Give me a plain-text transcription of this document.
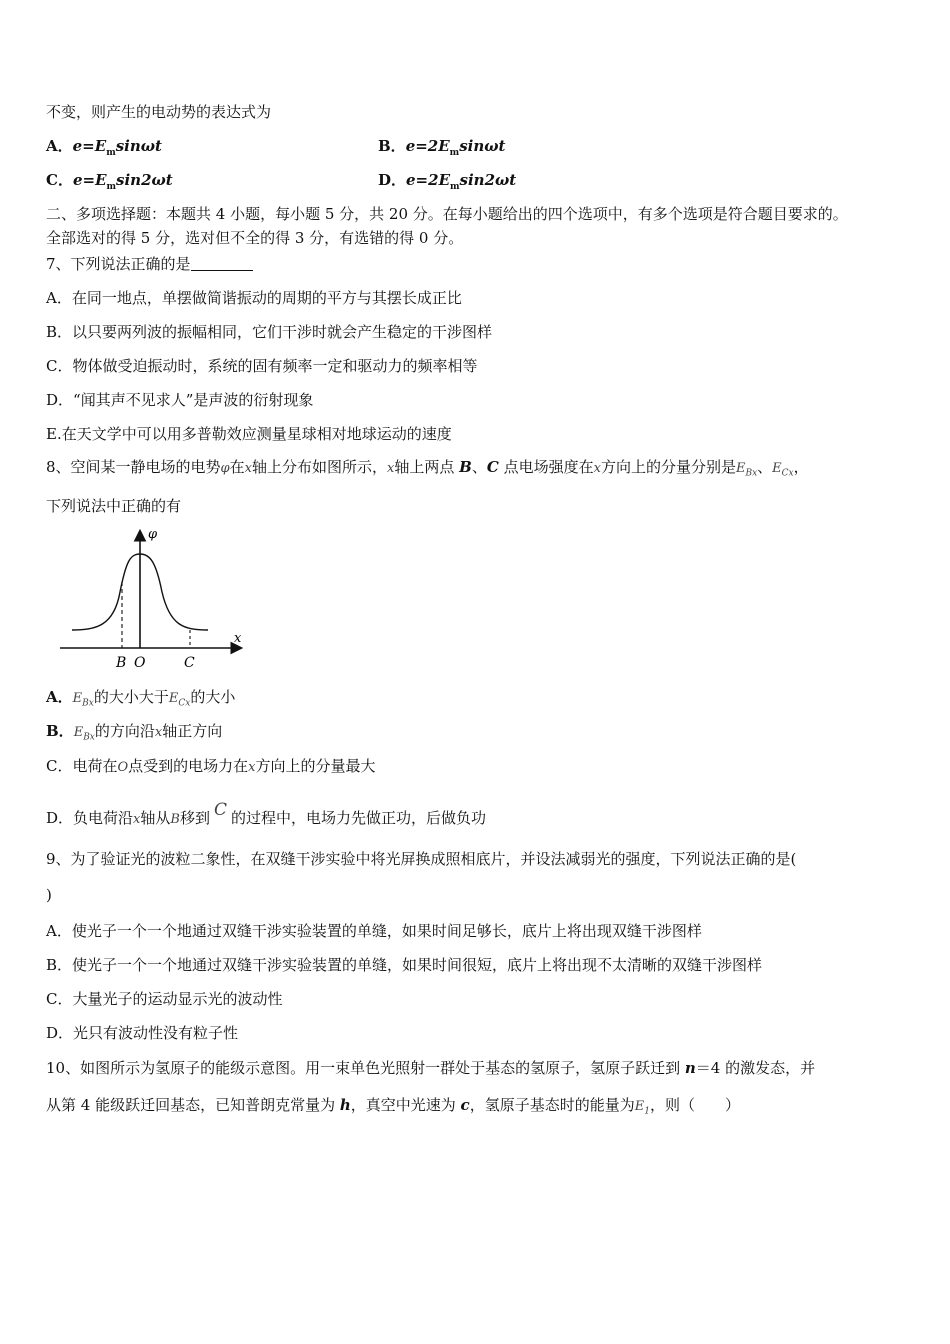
不变，则产生的电动势的表达式为
A．$e=E_m\sin\omega t$	B．$e=2E_m\sin\omega t$
C．$e=E_m\sin 2\omega t$	D．$e=2E_m\sin 2\omega t$
二、多项选择题：本题共 4 小题，每小题 5 分，共 20 分。在每小题给出的四个选项中，有多个选项是符合题目要求的。
全部选对的得 5 分，选对但不全的得 3 分，有选错的得 0 分。
7、下列说法正确的是
A．在同一地点，单摆做简谐振动的周期的平方与其摆长成正比
B．以只要两列波的振幅相同，它们干涉时就会产生稳定的干涉图样
C．物体做受迫振动时，系统的固有频率一定和驱动力的频率相等
D．“闻其声不见求人”是声波的衍射现象
E.在天文学中可以用多普勒效应测量星球相对地球运动的速度
8、空间某一静电场的电势φ在x轴上分布如图所示，x轴上两点 B、C 点电场强度在x方向上的分量分别是$E_{Bx}$、$E_{Cx}$，
下列说法中正确的有
φ
x
B O	C
A．$E_{Bx}$的大小大于$E_{Cx}$的大小
B．$E_{Bx}$的方向沿x轴正方向
C．电荷在O点受到的电场力在x方向上的分量最大
D．负电荷沿x轴从B移到 C 的过程中，电场力先做正功，后做负功
9、为了验证光的波粒二象性，在双缝干涉实验中将光屏换成照相底片，并设法减弱光的强度，下列说法正确的是(
)
A．使光子一个一个地通过双缝干涉实验装置的单缝，如果时间足够长，底片上将出现双缝干涉图样
B．使光子一个一个地通过双缝干涉实验装置的单缝，如果时间很短，底片上将出现不太清晰的双缝干涉图样
C．大量光子的运动显示光的波动性
D．光只有波动性没有粒子性
10、如图所示为氢原子的能级示意图。用一束单色光照射一群处于基态的氢原子，氢原子跃迁到 n＝4 的激发态，并
从第 4 能级跃迁回基态，已知普朗克常量为 h，真空中光速为 c，氢原子基态时的能量为$E_1$，则（　　）
